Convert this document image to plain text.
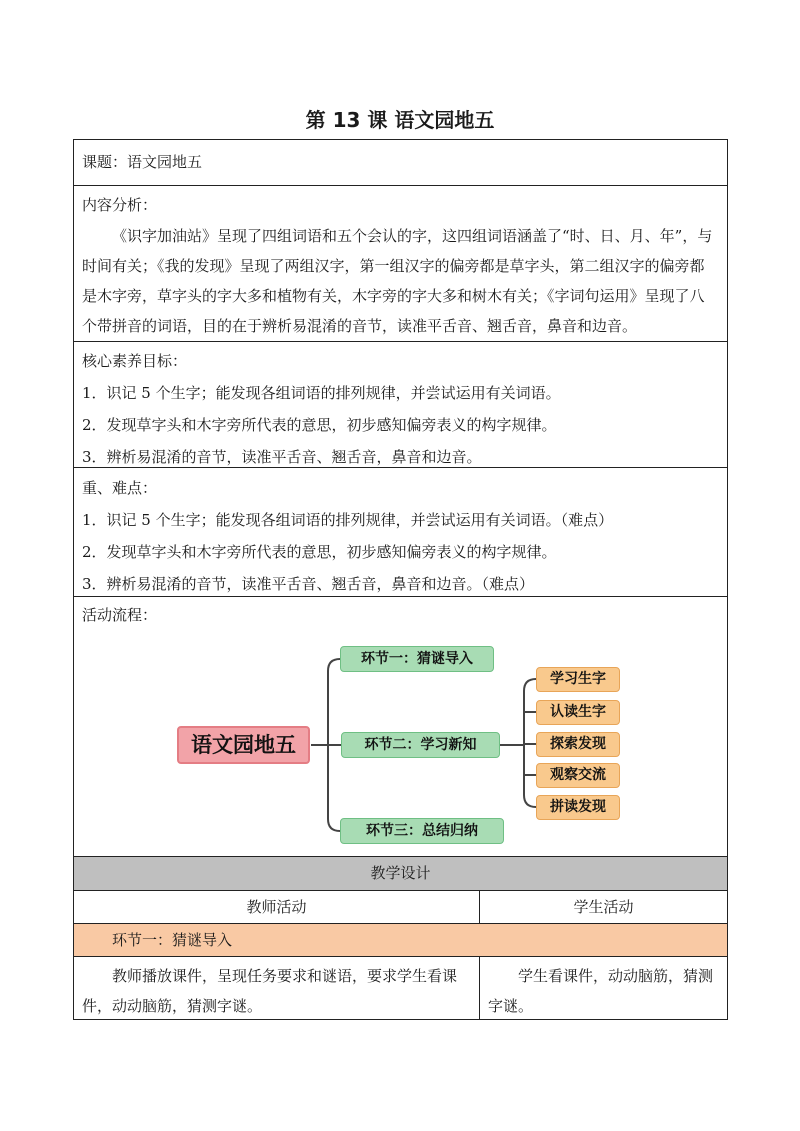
第 13 课 语文园地五
课题：语文园地五
内容分析：
《识字加油站》呈现了四组词语和五个会认的字，这四组词语涵盖了“时、日、月、年”，与时间有关；《我的发现》呈现了两组汉字，第一组汉字的偏旁都是草字头，第二组汉字的偏旁都是木字旁，草字头的字大多和植物有关，木字旁的字大多和树木有关；《字词句运用》呈现了八个带拼音的词语，目的在于辨析易混淆的音节，读准平舌音、翘舌音，鼻音和边音。
核心素养目标：
1．识记 5 个生字；能发现各组词语的排列规律，并尝试运用有关词语。
2．发现草字头和木字旁所代表的意思，初步感知偏旁表义的构字规律。
3．辨析易混淆的音节，读准平舌音、翘舌音，鼻音和边音。
重、难点：
1．识记 5 个生字；能发现各组词语的排列规律，并尝试运用有关词语。（难点）
2．发现草字头和木字旁所代表的意思，初步感知偏旁表义的构字规律。
3．辨析易混淆的音节，读准平舌音、翘舌音，鼻音和边音。（难点）
活动流程：
语文园地五
环节一：猜谜导入
环节二：学习新知
环节三：总结归纳
学习生字
认读生字
探索发现
观察交流
拼读发现
教学设计
教师活动	学生活动
环节一：猜谜导入
教师播放课件，呈现任务要求和谜语，要求学生看课件，动动脑筋，猜测字谜。
学生看课件，动动脑筋，猜测字谜。
